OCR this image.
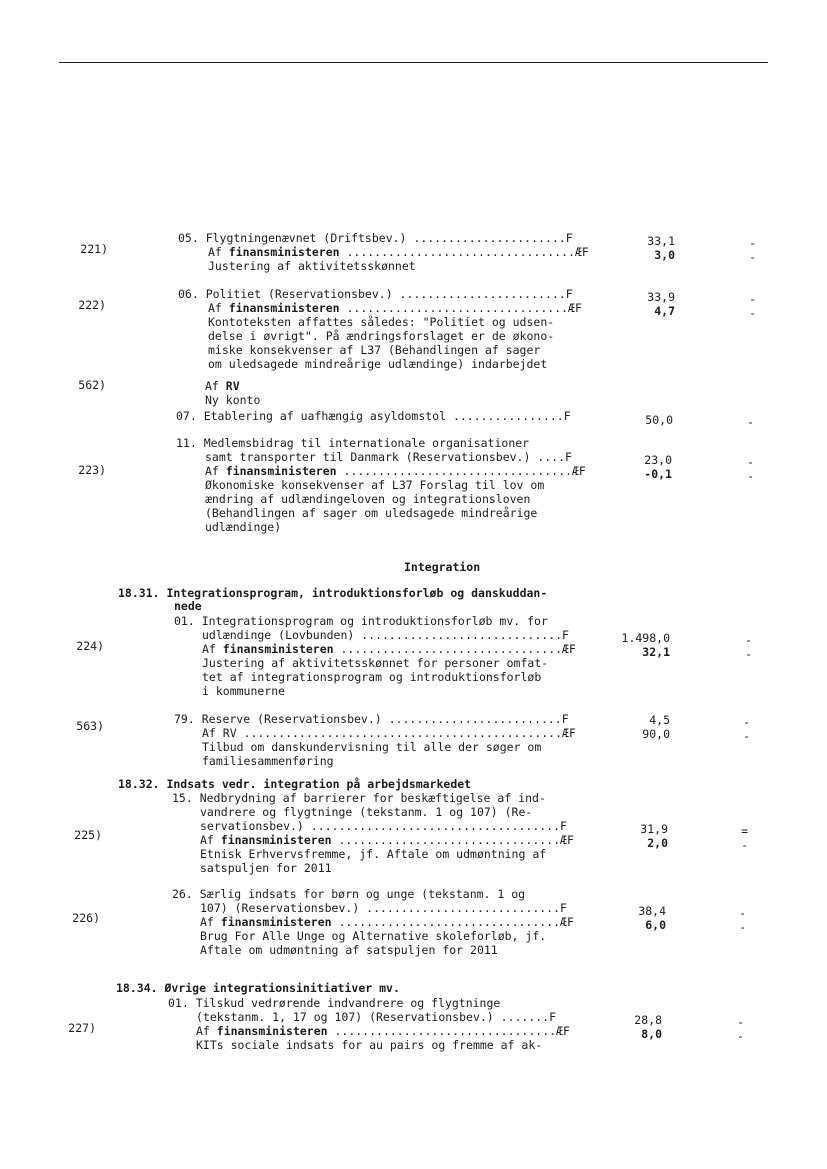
05. Flygtningenævnet (Driftsbev.) ......................F
Af finansministeren .................................ÆF
Justering af aktivitetsskønnet
06. Politiet (Reservationsbev.) ........................F
Af finansministeren ................................ÆF
Kontoteksten affattes således: "Politiet og udsen-
delse i øvrigt". På ændringsforslaget er de økono-
miske konsekvenser af L37 (Behandlingen af sager
om uledsagede mindreårige udlændinge) indarbejdet
Af RV
Ny konto
07. Etablering af uafhængig asyldomstol ................F
11. Medlemsbidrag til internationale organisationer
samt transporter til Danmark (Reservationsbev.) ....F
Af finansministeren .................................ÆF
Økonomiske konsekvenser af L37 Forslag til lov om
ændring af udlændingeloven og integrationsloven
(Behandlingen af sager om uledsagede mindreårige
udlændinge)
01. Integrationsprogram og introduktionsforløb mv. for
udlændinge (Lovbunden) .............................F
Af finansministeren ................................ÆF
Justering af aktivitetsskønnet for personer omfat-
tet af integrationsprogram og introduktionsforløb
i kommunerne
79. Reserve (Reservationsbev.) .........................F
Af RV ..............................................ÆF
Tilbud om danskundervisning til alle der søger om
familiesammenføring
15. Nedbrydning af barrierer for beskæftigelse af ind-
vandrere og flygtninge (tekstanm. 1 og 107) (Re-
servationsbev.) ....................................F
Af finansministeren ................................ÆF
Etnisk Erhvervsfremme, jf. Aftale om udmøntning af
satspuljen for 2011
26. Særlig indsats for børn og unge (tekstanm. 1 og
107) (Reservationsbev.) ............................F
Af finansministeren ................................ÆF
Brug For Alle Unge og Alternative skoleforløb, jf.
Aftale om udmøntning af satspuljen for 2011
01. Tilskud vedrørende indvandrere og flygtninge
(tekstanm. 1, 17 og 107) (Reservationsbev.) .......F
Af finansministeren ................................ÆF
KITs sociale indsats for au pairs og fremme af ak-
Integration
18.31. Integrationsprogram, introduktionsforløb og danskuddan-
nede
18.32. Indsats vedr. integration på arbejdsmarkedet
18.34. Øvrige integrationsinitiativer mv.
221)
222)
562)
223)
224)
563)
225)
226)
227)
33,1
3,0
33,9
4,7
50,0
23,0
-0,1
1.498,0
32,1
4,5
90,0
31,9
2,0
38,4
6,0
28,8
8,0
-
-
-
-
-
-
-
-
-
-
-
=
-
-
-
-
-
